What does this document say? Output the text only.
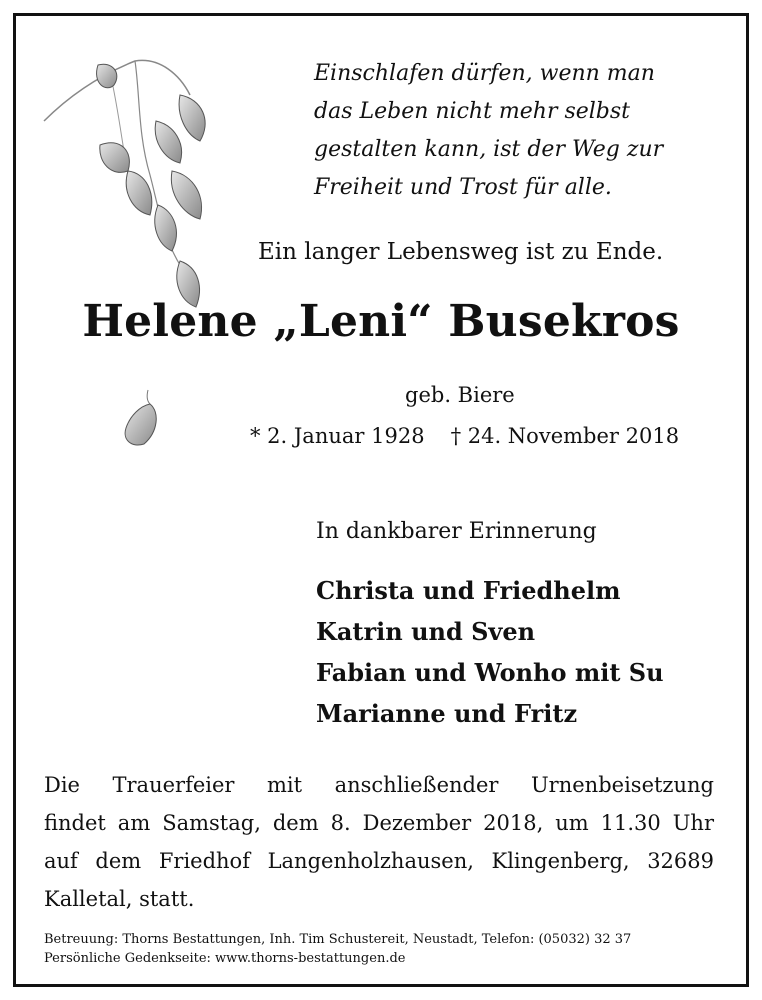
Einschlafen dürfen, wenn man
das Leben nicht mehr selbst
gestalten kann, ist der Weg zur
Freiheit und Trost für alle.
Ein langer Lebensweg ist zu Ende.
Helene „Leni“ Busekros
geb. Biere
* 2. Januar 1928 † 24. November 2018
In dankbarer Erinnerung
Christa und Friedhelm
Katrin und Sven
Fabian und Wonho mit Su
Marianne und Fritz
Die Trauerfeier mit anschließender Urnenbeisetzung
findet am Samstag, dem 8. Dezember 2018, um 11.30 Uhr
auf dem Friedhof Langenholzhausen, Klingenberg, 32689
Kalletal, statt.
Betreuung: Thorns Bestattungen, Inh. Tim Schustereit, Neustadt, Telefon: (05032) 32 37
Persönliche Gedenkseite: www.thorns-bestattungen.de
